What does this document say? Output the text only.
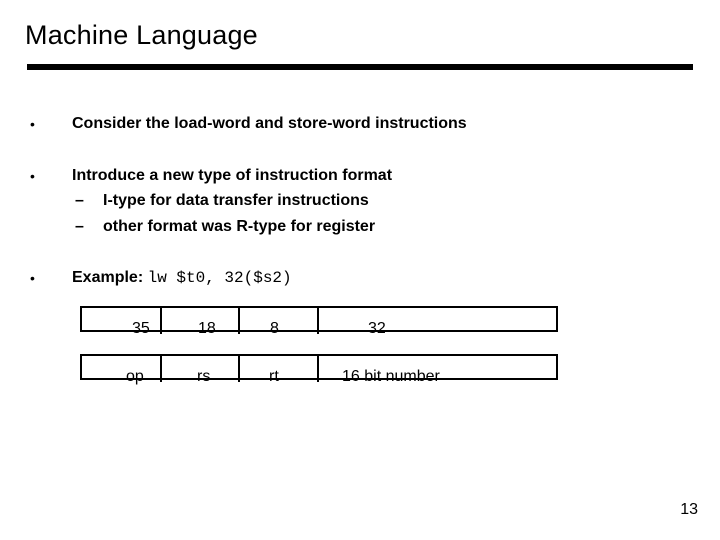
Machine Language
• Consider the load-word and store-word instructions
• Introduce a new type of instruction format
– I-type for data transfer instructions
– other format was R-type for register
• Example: lw $t0, 32($s2)
35	18	8	32
op	rs	rt	16 bit number
13
